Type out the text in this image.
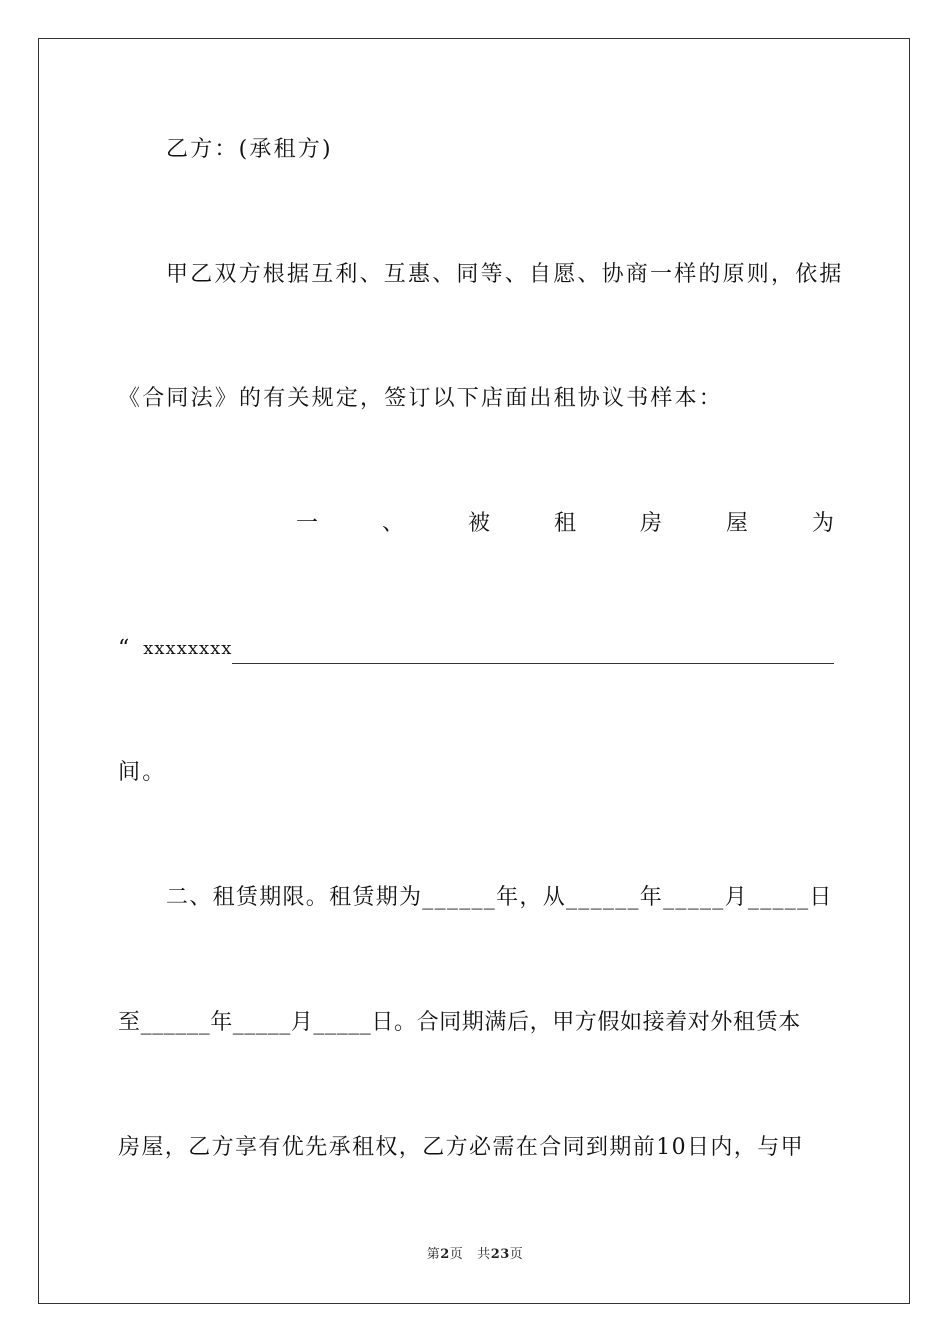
乙方：(承租方)
甲乙双方根据互利、互惠、同等、自愿、协商一样的原则，依据
《合同法》的有关规定，签订以下店面出租协议书样本：
一	、	被	租	房	屋	为
“ xxxxxxxx
间。
二、租赁期限。租赁期为______年，从______年_____月_____日
至______年_____月_____日。合同期满后，甲方假如接着对外租赁本
房屋，乙方享有优先承租权，乙方必需在合同到期前10日内，与甲
第2页 共23页
